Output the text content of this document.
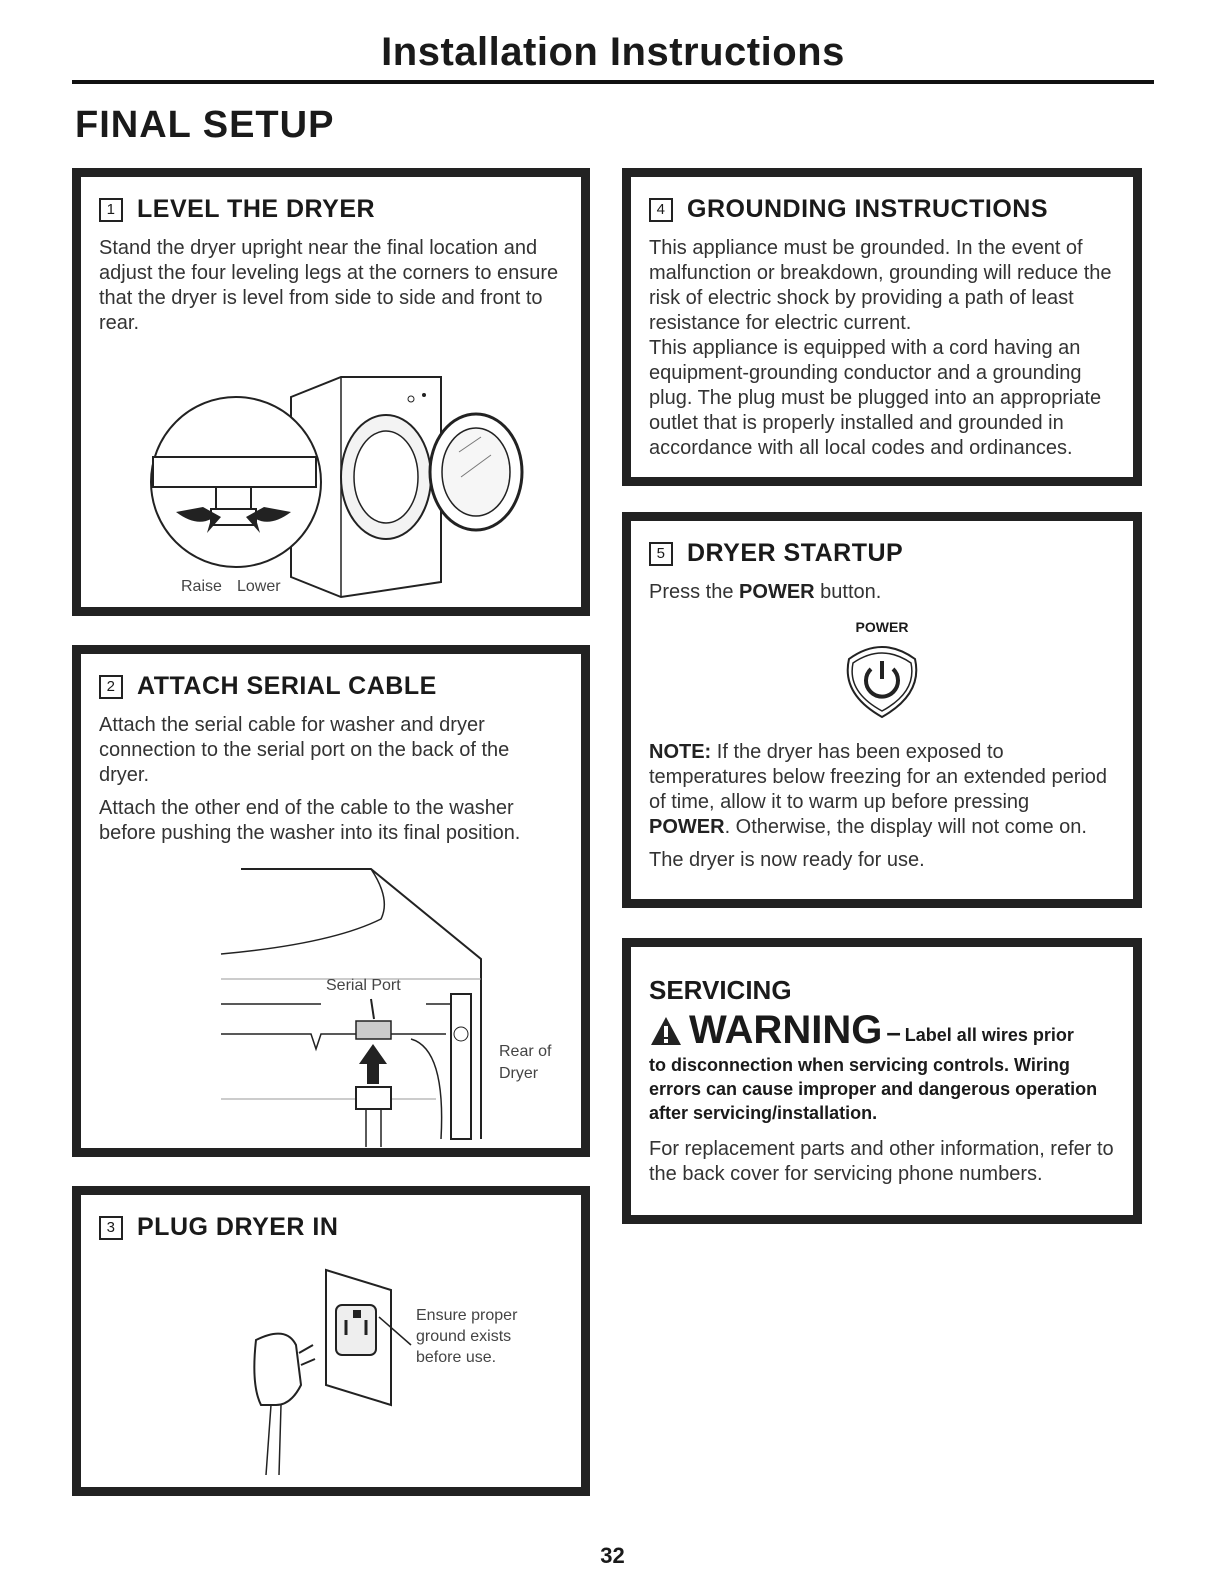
Installation Instructions
FINAL SETUP
1 LEVEL THE DRYER

Stand the dryer upright near the final location and adjust the four leveling legs at the corners to ensure that the dryer is level from side to side and front to rear.

Raise Lower
2 ATTACH SERIAL CABLE

Attach the serial cable for washer and dryer connection to the serial port on the back of the dryer.

Attach the other end of the cable to the washer before pushing the washer into its final position.

Serial Port
Rear of
Dryer
3 PLUG DRYER IN
Ensure proper
ground exists
before use.
4 GROUNDING INSTRUCTIONS

This appliance must be grounded. In the event of malfunction or breakdown, grounding will reduce the risk of electric shock by providing a path of least resistance for electric current.

This appliance is equipped with a cord having an equipment-grounding conductor and a grounding plug. The plug must be plugged into an appropriate outlet that is properly installed and grounded in accordance with all local codes and ordinances.

5 DRYER STARTUP

Press the POWER button.

POWER

NOTE: If the dryer has been exposed to temperatures below freezing for an extended period of time, allow it to warm up before pressing POWER. Otherwise, the display will not come on.

The dryer is now ready for use.

SERVICING
WARNING – Label all wires prior
to disconnection when servicing controls. Wiring errors can cause improper and dangerous operation after servicing/installation.

For replacement parts and other information, refer to the back cover for servicing phone numbers.

32
